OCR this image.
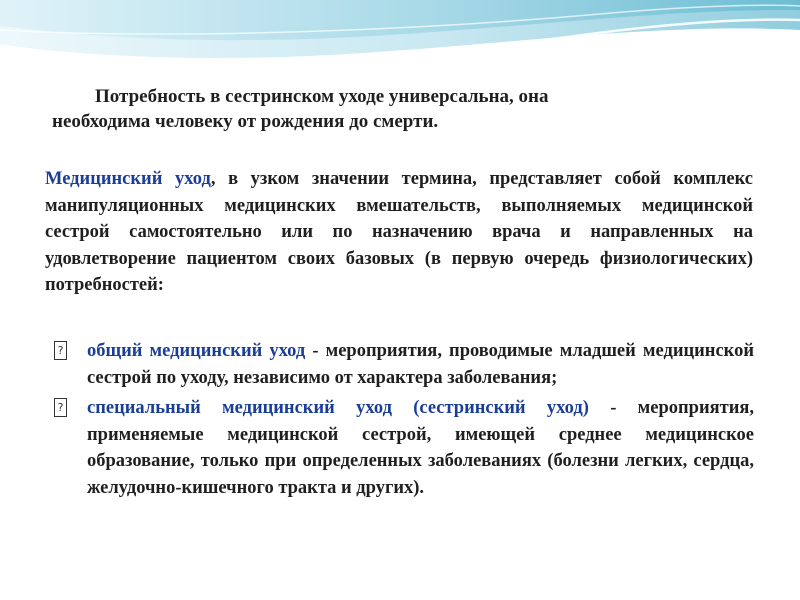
Потребность в сестринском уходе универсальна, она
необходима человеку от рождения до смерти.
Медицинский уход, в узком значении термина, представляет собой комплекс манипуляционных медицинских вмешательств, выполняемых медицинской сестрой самостоятельно или по назначению врача и направленных на удовлетворение пациентом своих базовых (в первую очередь физиологических) потребностей:
? общий медицинский уход - мероприятия, проводимые младшей медицинской сестрой по уходу, независимо от характера заболевания;
? специальный медицинский уход (сестринский уход) - мероприятия, применяемые медицинской сестрой, имеющей среднее медицинское образование, только при определенных заболеваниях (болезни легких, сердца, желудочно-кишечного тракта и других).
